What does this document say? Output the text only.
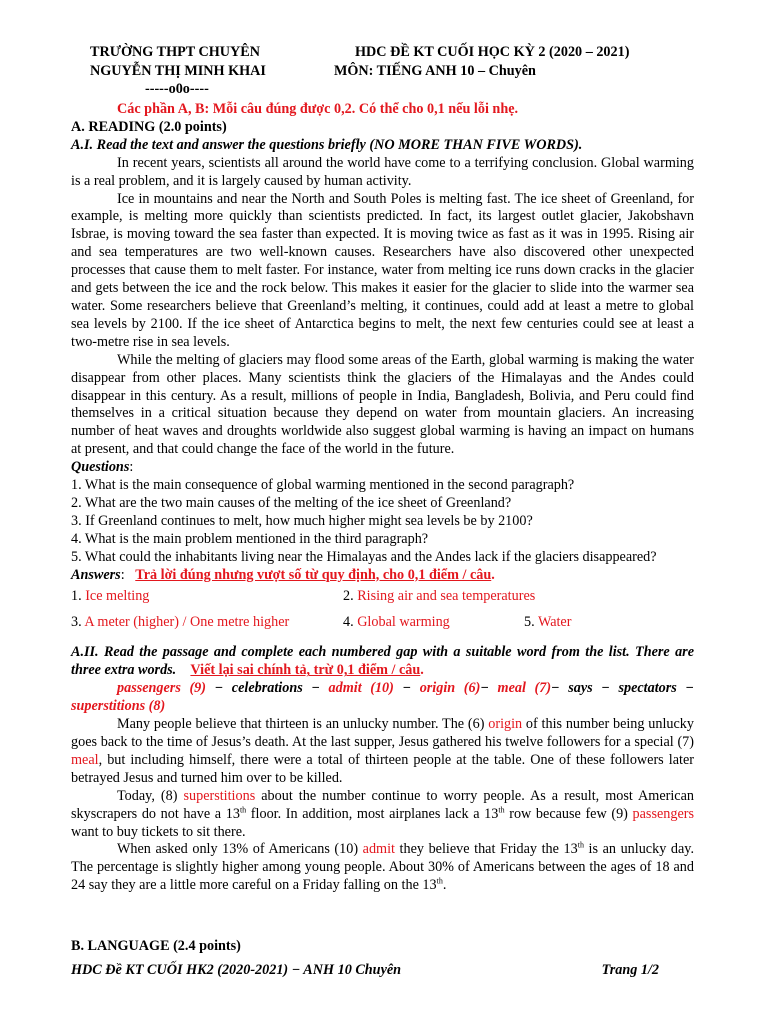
TRƯỜNG THPT CHUYÊN
NGUYỄN THỊ MINH KHAI
-----o0o----
HDC ĐỀ KT CUỐI HỌC KỲ 2 (2020 – 2021)
MÔN: TIẾNG ANH 10 – Chuyên

Các phần A, B: Mỗi câu đúng được 0,2. Có thể cho 0,1 nếu lỗi nhẹ.

A. READING (2.0 points)

A.I. Read the text and answer the questions briefly (NO MORE THAN FIVE WORDS).

In recent years, scientists all around the world have come to a terrifying conclusion. Global warming is a real problem, and it is largely caused by human activity.

Ice in mountains and near the North and South Poles is melting fast. The ice sheet of Greenland, for example, is melting more quickly than scientists predicted. In fact, its largest outlet glacier, Jakobshavn Isbrae, is moving toward the sea faster than expected. It is moving twice as fast as it was in 1995. Rising air and sea temperatures are two well-known causes. Researchers have also discovered other unexpected processes that cause them to melt faster. For instance, water from melting ice runs down cracks in the glacier and gets between the ice and the rock below. This makes it easier for the glacier to slide into the warmer sea water. Some researchers believe that Greenland’s melting, it continues, could add at least a metre to global sea levels by 2100. If the ice sheet of Antarctica begins to melt, the next few centuries could see at least a two-metre rise in sea levels.

While the melting of glaciers may flood some areas of the Earth, global warming is making the water disappear from other places. Many scientists think the glaciers of the Himalayas and the Andes could disappear in this century. As a result, millions of people in India, Bangladesh, Bolivia, and Peru could find themselves in a critical situation because they depend on water from mountain glaciers. An increasing number of heat waves and droughts worldwide also suggest global warming is having an impact on humans at present, and that could change the face of the world in the future.

Questions:

1. What is the main consequence of global warming mentioned in the second paragraph?

2. What are the two main causes of the melting of the ice sheet of Greenland?

3. If Greenland continues to melt, how much higher might sea levels be by 2100?

4. What is the main problem mentioned in the third paragraph?

5. What could the inhabitants living near the Himalayas and the Andes lack if the glaciers disappeared?

Answers: Trả lời đúng nhưng vượt số từ quy định, cho 0,1 điểm / câu.

1. Ice melting	2. Rising air and sea temperatures
3. A meter (higher) / One metre higher	4. Global warming	5. Water

A.II. Read the passage and complete each numbered gap with a suitable word from the list. There are three extra words. Viết lại sai chính tả, trừ 0,1 điểm / câu.

passengers (9) − celebrations − admit (10) − origin (6)− meal (7)− says − spectators − superstitions (8)

Many people believe that thirteen is an unlucky number. The (6) origin of this number being unlucky goes back to the time of Jesus’s death. At the last supper, Jesus gathered his twelve followers for a special (7) meal, but including himself, there were a total of thirteen people at the table. One of these followers later betrayed Jesus and turned him over to be killed.

Today, (8) superstitions about the number continue to worry people. As a result, most American skyscrapers do not have a 13th floor. In addition, most airplanes lack a 13th row because few (9) passengers want to buy tickets to sit there.

When asked only 13% of Americans (10) admit they believe that Friday the 13th is an unlucky day. The percentage is slightly higher among young people. About 30% of Americans between the ages of 18 and 24 say they are a little more careful on a Friday falling on the 13th.

B. LANGUAGE (2.4 points)
HDC Đề KT CUỐI HK2 (2020-2021) − ANH 10 Chuyên	Trang 1/2
